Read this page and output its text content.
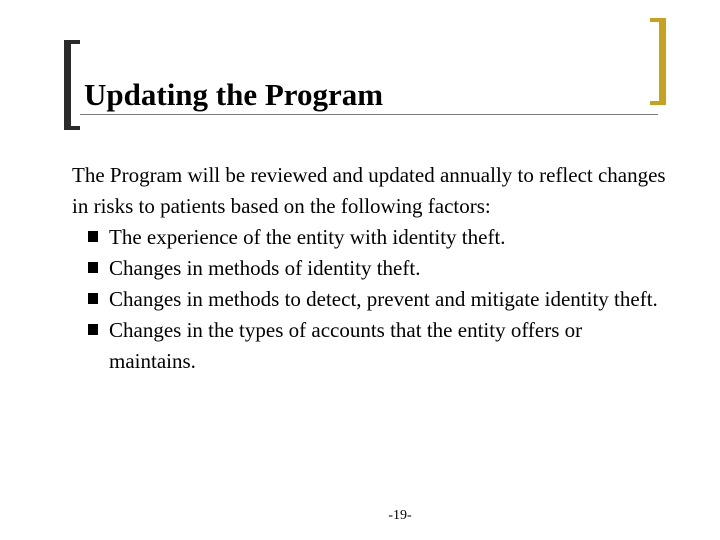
Updating the Program

The Program will be reviewed and updated annually to reflect changes in risks to patients based on the following factors:

The experience of the entity with identity theft.
Changes in methods of identity theft.
Changes in methods to detect, prevent and mitigate identity theft.
Changes in the types of accounts that the entity offers or maintains.
-19-
